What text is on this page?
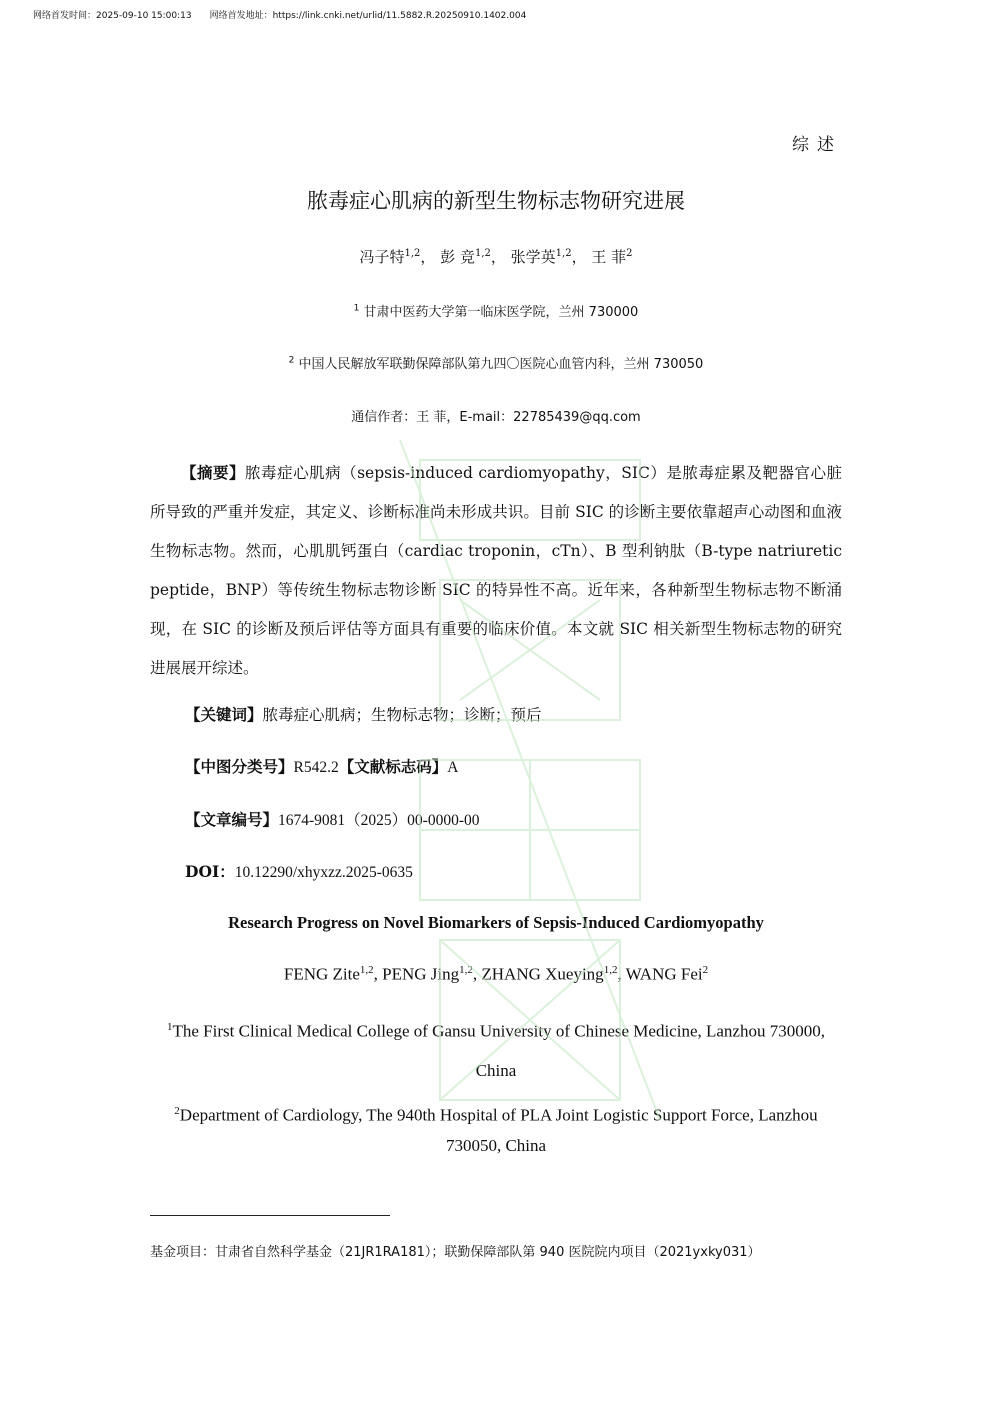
网络首发时间：2025-09-10 15:00:13 网络首发地址：https://link.cnki.net/urlid/11.5882.R.20250910.1402.004
综述
脓毒症心肌病的新型生物标志物研究进展
冯子特$^{1,2}$， 彭 竞$^{1,2}$， 张学英$^{1,2}$， 王 菲$^2$
$^1$ 甘肃中医药大学第一临床医学院，兰州 730000
$^2$ 中国人民解放军联勤保障部队第九四〇医院心血管内科，兰州 730050
通信作者：王 菲，E-mail：22785439@qq.com

【摘要】脓毒症心肌病（sepsis-induced cardiomyopathy，SIC）是脓毒症累及靶器官心脏所导致的严重并发症，其定义、诊断标准尚未形成共识。目前 SIC 的诊断主要依靠超声心动图和血液生物标志物。然而，心肌肌钙蛋白（cardiac troponin，cTn）、B 型利钠肽（B-type natriuretic peptide，BNP）等传统生物标志物诊断 SIC 的特异性不高。近年来，各种新型生物标志物不断涌现，在 SIC 的诊断及预后评估等方面具有重要的临床价值。本文就 SIC 相关新型生物标志物的研究进展展开综述。

【关键词】脓毒症心肌病；生物标志物；诊断；预后
【中图分类号】R542.2【文献标志码】A
【文章编号】1674-9081（2025）00-0000-00
DOI：10.12290/xhyxzz.2025-0635
Research Progress on Novel Biomarkers of Sepsis-Induced Cardiomyopathy
FENG Zite$^{1,2}$, PENG Jing$^{1,2}$, ZHANG Xueying$^{1,2}$, WANG Fei$^2$
$^1$The First Clinical Medical College of Gansu University of Chinese Medicine, Lanzhou 730000, China
$^2$Department of Cardiology, The 940th Hospital of PLA Joint Logistic Support Force, Lanzhou 730050, China
基金项目：甘肃省自然科学基金（21JR1RA181）；联勤保障部队第 940 医院院内项目（2021yxky031）
